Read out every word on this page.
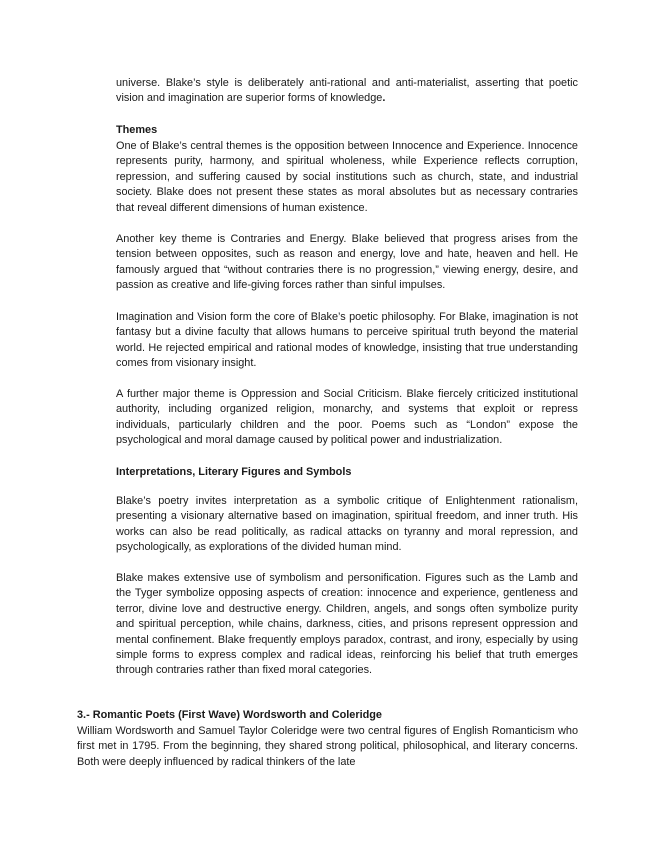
universe. Blake’s style is deliberately anti-rational and anti-materialist, asserting that poetic vision and imagination are superior forms of knowledge.

Themes

One of Blake’s central themes is the opposition between Innocence and Experience. Innocence represents purity, harmony, and spiritual wholeness, while Experience reflects corruption, repression, and suffering caused by social institutions such as church, state, and industrial society. Blake does not present these states as moral absolutes but as necessary contraries that reveal different dimensions of human existence.

Another key theme is Contraries and Energy. Blake believed that progress arises from the tension between opposites, such as reason and energy, love and hate, heaven and hell. He famously argued that “without contraries there is no progression,” viewing energy, desire, and passion as creative and life-giving forces rather than sinful impulses.

Imagination and Vision form the core of Blake’s poetic philosophy. For Blake, imagination is not fantasy but a divine faculty that allows humans to perceive spiritual truth beyond the material world. He rejected empirical and rational modes of knowledge, insisting that true understanding comes from visionary insight.

A further major theme is Oppression and Social Criticism. Blake fiercely criticized institutional authority, including organized religion, monarchy, and systems that exploit or repress individuals, particularly children and the poor. Poems such as “London” expose the psychological and moral damage caused by political power and industrialization.

Interpretations, Literary Figures and Symbols

Blake’s poetry invites interpretation as a symbolic critique of Enlightenment rationalism, presenting a visionary alternative based on imagination, spiritual freedom, and inner truth. His works can also be read politically, as radical attacks on tyranny and moral repression, and psychologically, as explorations of the divided human mind.

Blake makes extensive use of symbolism and personification. Figures such as the Lamb and the Tyger symbolize opposing aspects of creation: innocence and experience, gentleness and terror, divine love and destructive energy. Children, angels, and songs often symbolize purity and spiritual perception, while chains, darkness, cities, and prisons represent oppression and mental confinement. Blake frequently employs paradox, contrast, and irony, especially by using simple forms to express complex and radical ideas, reinforcing his belief that truth emerges through contraries rather than fixed moral categories.

3.- Romantic Poets (First Wave) Wordsworth and Coleridge

William Wordsworth and Samuel Taylor Coleridge were two central figures of English Romanticism who first met in 1795. From the beginning, they shared strong political, philosophical, and literary concerns. Both were deeply influenced by radical thinkers of the late
